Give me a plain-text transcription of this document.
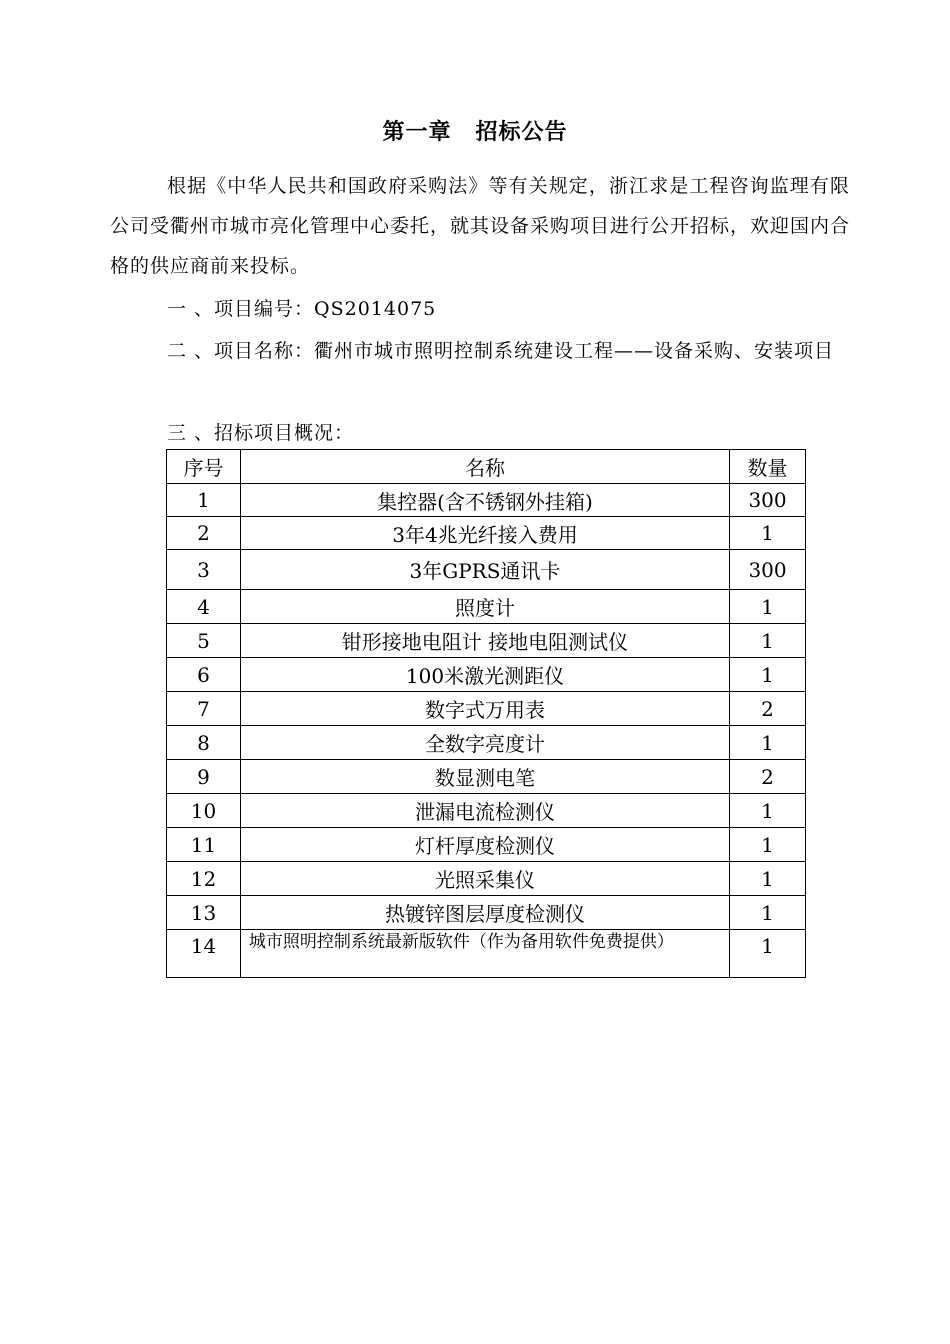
第一章 招标公告
根据《中华人民共和国政府采购法》等有关规定，浙江求是工程咨询监理有限公司受衢州市城市亮化管理中心委托，就其设备采购项目进行公开招标，欢迎国内合格的供应商前来投标。
一 、项目编号：QS2014075
二 、项目名称：衢州市城市照明控制系统建设工程——设备采购、安装项目
三 、招标项目概况：
序号	名称	数量
1	集控器(含不锈钢外挂箱)	300
2	3年4兆光纤接入费用	1
3	3年GPRS通讯卡	300
4	照度计	1
5	钳形接地电阻计 接地电阻测试仪	1
6	100米激光测距仪	1
7	数字式万用表	2
8	全数字亮度计	1
9	数显测电笔	2
10	泄漏电流检测仪	1
11	灯杆厚度检测仪	1
12	光照采集仪	1
13	热镀锌图层厚度检测仪	1
14	城市照明控制系统最新版软件（作为备用软件免费提供）	1
